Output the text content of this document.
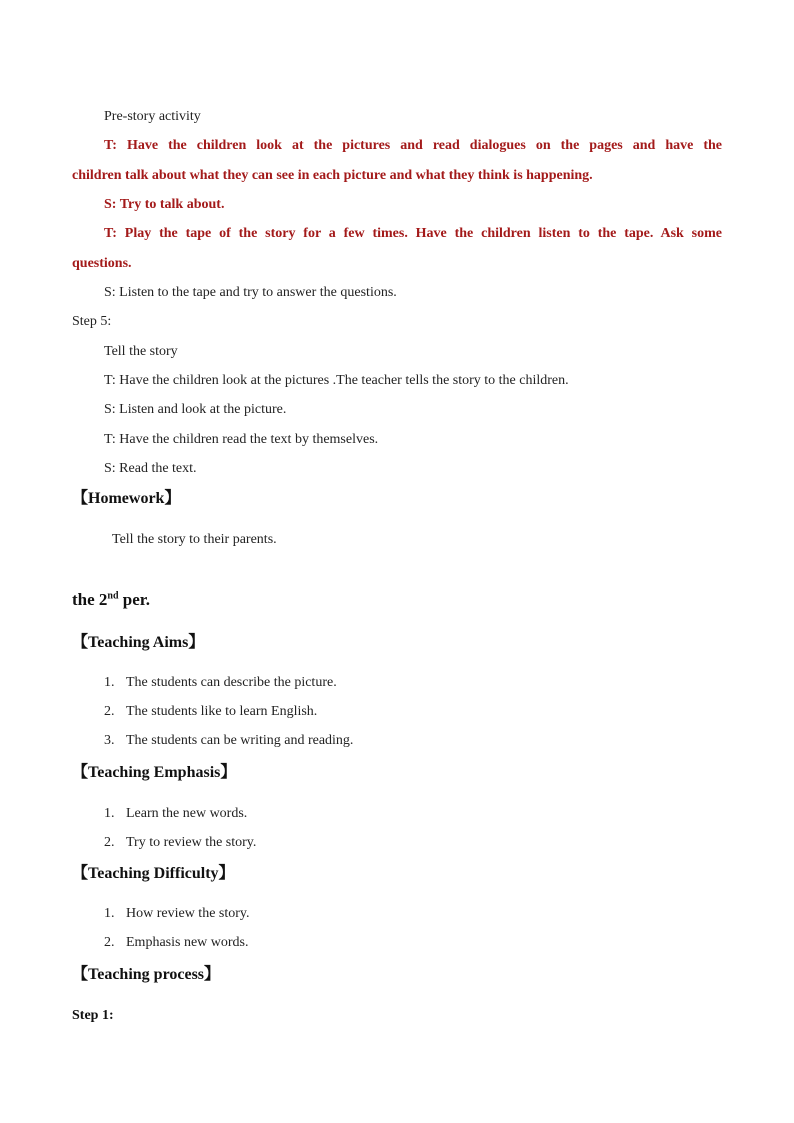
Pre-story activity
T: Have the children look at the pictures and read dialogues on the pages and have the
children talk about what they can see in each picture and what they think is happening.
S: Try to talk about.
T: Play the tape of the story for a few times. Have the children listen to the tape. Ask some
questions.
S: Listen to the tape and try to answer the questions.
Step 5:
Tell the story
T: Have the children look at the pictures .The teacher tells the story to the children.
S: Listen and look at the picture.
T: Have the children read the text by themselves.
S: Read the text.
【Homework】
Tell the story to their parents.
the 2nd per.
【Teaching Aims】
1. The students can describe the picture.
2. The students like to learn English.
3. The students can be writing and reading.
【Teaching Emphasis】
1. Learn the new words.
2. Try to review the story.
【Teaching Difficulty】
1. How review the story.
2. Emphasis new words.
【Teaching process】
Step 1:
